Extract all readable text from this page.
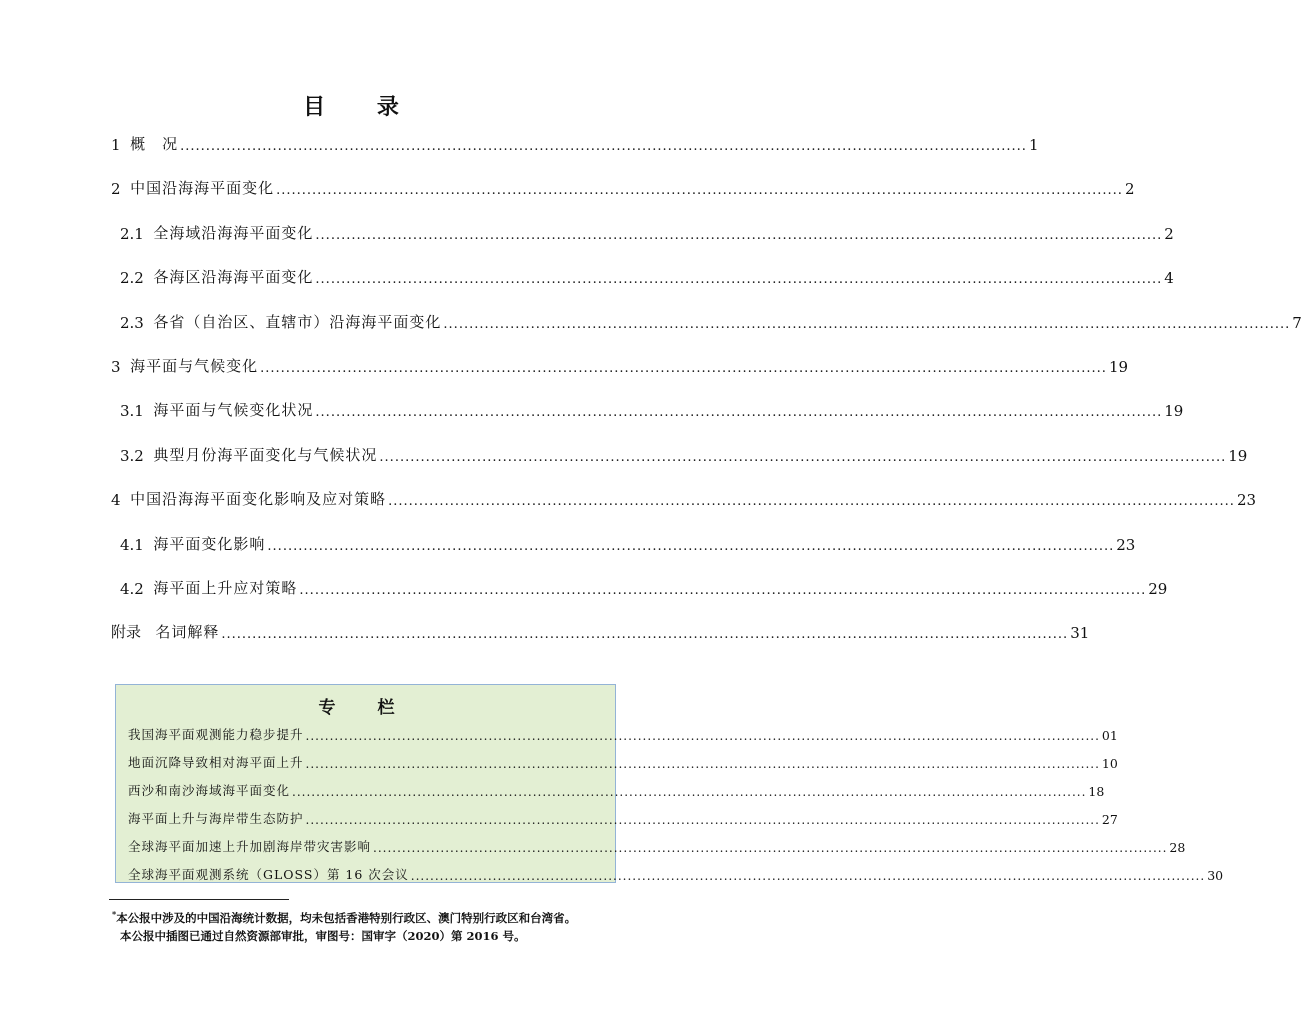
目 录
1
概　况 ..................................................................................................................................................................... 1
2
中国沿海海平面变化 ..................................................................................................................................................................... 2
2.1
全海域沿海海平面变化 ..................................................................................................................................................................... 2
2.2
各海区沿海海平面变化 ..................................................................................................................................................................... 4
2.3
各省（自治区、直辖市）沿海海平面变化 ..................................................................................................................................................................... 7
3
海平面与气候变化 ..................................................................................................................................................................... 19
3.1
海平面与气候变化状况 ..................................................................................................................................................................... 19
3.2
典型月份海平面变化与气候状况 ..................................................................................................................................................................... 19
4
中国沿海海平面变化影响及应对策略 ..................................................................................................................................................................... 23
4.1
海平面变化影响 ..................................................................................................................................................................... 23
4.2
海平面上升应对策略 ..................................................................................................................................................................... 29
附录
名词解释 ..................................................................................................................................................................... 31
专 栏
我国海平面观测能力稳步提升 ..................................................................................................................................................................... 01
地面沉降导致相对海平面上升 ..................................................................................................................................................................... 10
西沙和南沙海域海平面变化 ..................................................................................................................................................................... 18
海平面上升与海岸带生态防护 ..................................................................................................................................................................... 27
全球海平面加速上升加剧海岸带灾害影响 ..................................................................................................................................................................... 28
全球海平面观测系统（GLOSS）第 16 次会议 ..................................................................................................................................................................... 30
*本公报中涉及的中国沿海统计数据，均未包括香港特别行政区、澳门特别行政区和台湾省。
本公报中插图已通过自然资源部审批，审图号：国审字（2020）第 2016 号。
